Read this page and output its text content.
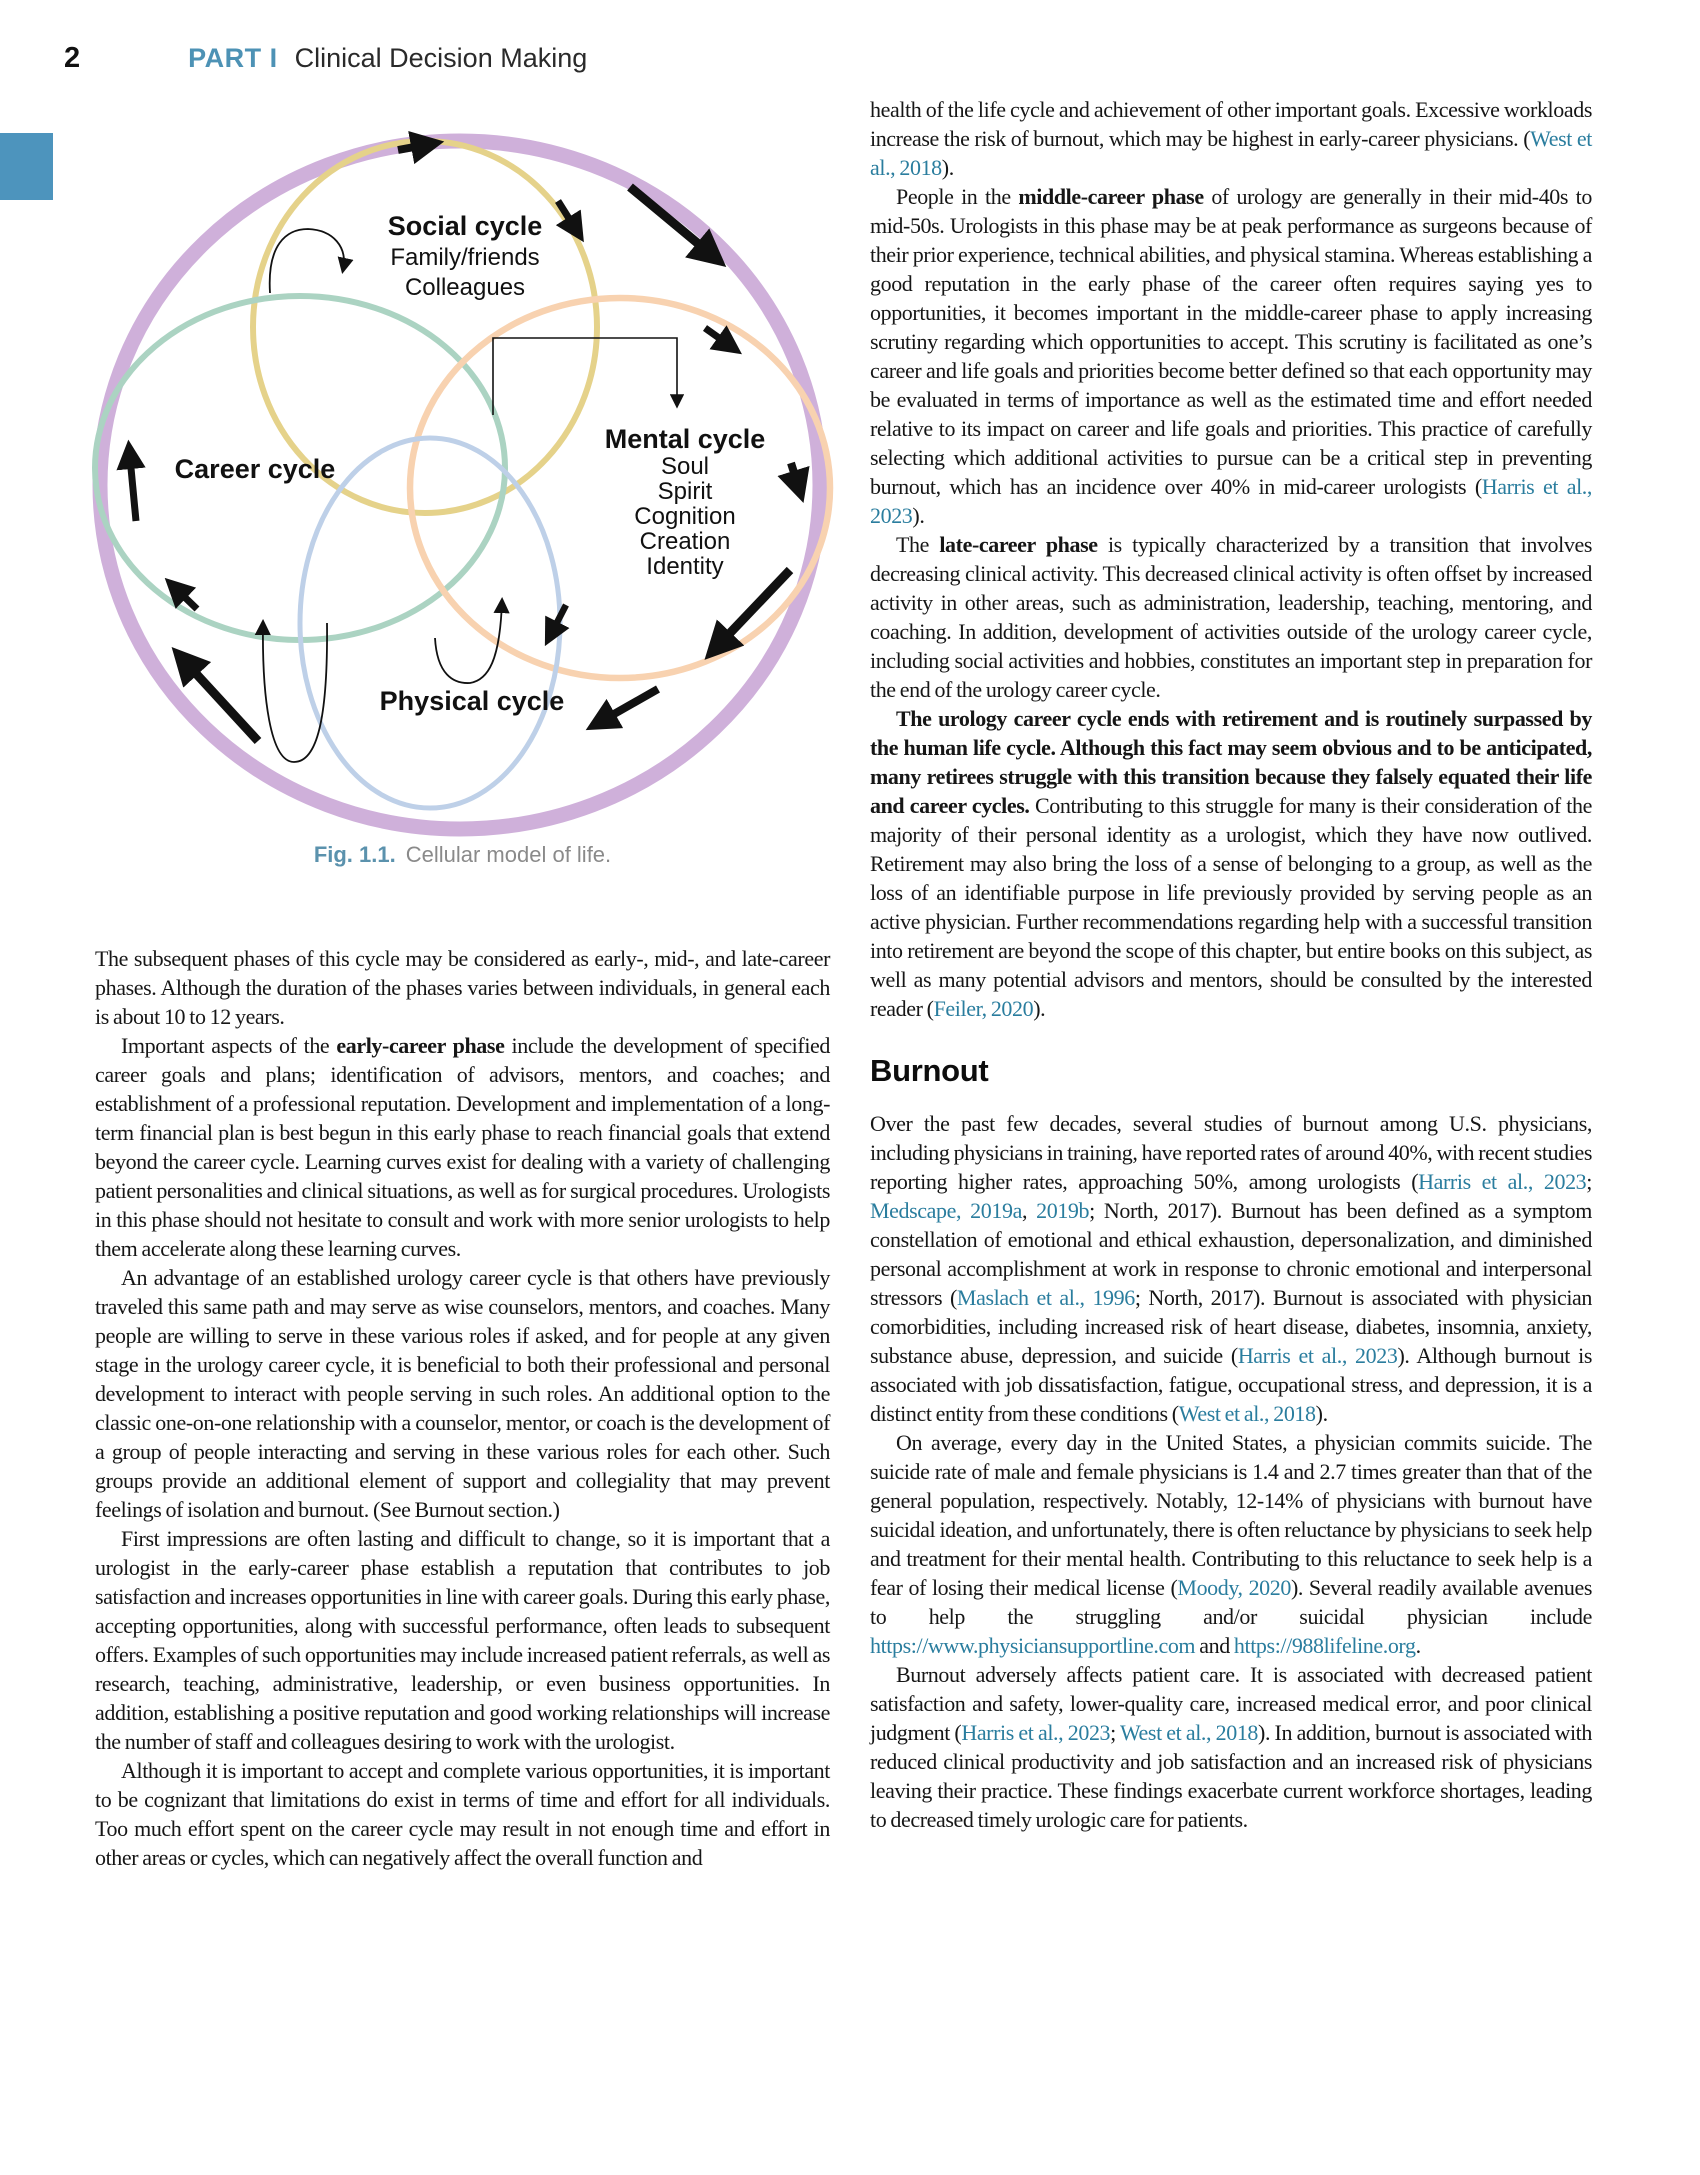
2	PART I Clinical Decision Making
Social cycle
Family/friends
Colleagues
Career cycle
Mental cycle
Soul
Spirit
Cognition
Creation
Identity
Physical cycle
Fig. 1.1. Cellular model of life.

The subsequent phases of this cycle may be considered as early-, mid-, and late-career phases. Although the duration of the phases varies between individuals, in general each is about 10 to 12 years.

Important aspects of the early-career phase include the development of specified career goals and plans; identification of advisors, mentors, and coaches; and establishment of a professional reputation. Development and implementation of a long-term financial plan is best begun in this early phase to reach financial goals that extend beyond the career cycle. Learning curves exist for dealing with a variety of challenging patient personalities and clinical situations, as well as for surgical procedures. Urologists in this phase should not hesitate to consult and work with more senior urologists to help them accelerate along these learning curves.

An advantage of an established urology career cycle is that others have previously traveled this same path and may serve as wise counselors, mentors, and coaches. Many people are willing to serve in these various roles if asked, and for people at any given stage in the urology career cycle, it is beneficial to both their professional and personal development to interact with people serving in such roles. An additional option to the classic one-on-one relationship with a counselor, mentor, or coach is the development of a group of people interacting and serving in these various roles for each other. Such groups provide an additional element of support and collegiality that may prevent feelings of isolation and burnout. (See Burnout section.)

First impressions are often lasting and difficult to change, so it is important that a urologist in the early-career phase establish a reputation that contributes to job satisfaction and increases opportunities in line with career goals. During this early phase, accepting opportunities, along with successful performance, often leads to subsequent offers. Examples of such opportunities may include increased patient referrals, as well as research, teaching, administrative, leadership, or even business opportunities. In addition, establishing a positive reputation and good working relationships will increase the number of staff and colleagues desiring to work with the urologist.

Although it is important to accept and complete various opportunities, it is important to be cognizant that limitations do exist in terms of time and effort for all individuals. Too much effort spent on the career cycle may result in not enough time and effort in other areas or cycles, which can negatively affect the overall function and

health of the life cycle and achievement of other important goals. Excessive workloads increase the risk of burnout, which may be highest in early-career physicians. (West et al., 2018).

People in the middle-career phase of urology are generally in their mid-40s to mid-50s. Urologists in this phase may be at peak performance as surgeons because of their prior experience, technical abilities, and physical stamina. Whereas establishing a good reputation in the early phase of the career often requires saying yes to opportunities, it becomes important in the middle-career phase to apply increasing scrutiny regarding which opportunities to accept. This scrutiny is facilitated as one’s career and life goals and priorities become better defined so that each opportunity may be evaluated in terms of importance as well as the estimated time and effort needed relative to its impact on career and life goals and priorities. This practice of carefully selecting which additional activities to pursue can be a critical step in preventing burnout, which has an incidence over 40% in mid-career urologists (Harris et al., 2023).

The late-career phase is typically characterized by a transition that involves decreasing clinical activity. This decreased clinical activity is often offset by increased activity in other areas, such as administration, leadership, teaching, mentoring, and coaching. In addition, development of activities outside of the urology career cycle, including social activities and hobbies, constitutes an important step in preparation for the end of the urology career cycle.

The urology career cycle ends with retirement and is routinely surpassed by the human life cycle. Although this fact may seem obvious and to be anticipated, many retirees struggle with this transition because they falsely equated their life and career cycles. Contributing to this struggle for many is their consideration of the majority of their personal identity as a urologist, which they have now outlived. Retirement may also bring the loss of a sense of belonging to a group, as well as the loss of an identifiable purpose in life previously provided by serving people as an active physician. Further recommendations regarding help with a successful transition into retirement are beyond the scope of this chapter, but entire books on this subject, as well as many potential advisors and mentors, should be consulted by the interested reader (Feiler, 2020).

Burnout

Over the past few decades, several studies of burnout among U.S. physicians, including physicians in training, have reported rates of around 40%, with recent studies reporting higher rates, approaching 50%, among urologists (Harris et al., 2023; Medscape, 2019a, 2019b; North, 2017). Burnout has been defined as a symptom constellation of emotional and ethical exhaustion, depersonalization, and diminished personal accomplishment at work in response to chronic emotional and interpersonal stressors (Maslach et al., 1996; North, 2017). Burnout is associated with physician comorbidities, including increased risk of heart disease, diabetes, insomnia, anxiety, substance abuse, depression, and suicide (Harris et al., 2023). Although burnout is associated with job dissatisfaction, fatigue, occupational stress, and depression, it is a distinct entity from these conditions (West et al., 2018).

On average, every day in the United States, a physician commits suicide. The suicide rate of male and female physicians is 1.4 and 2.7 times greater than that of the general population, respectively. Notably, 12-14% of physicians with burnout have suicidal ideation, and unfortunately, there is often reluctance by physicians to seek help and treatment for their mental health. Contributing to this reluctance to seek help is a fear of losing their medical license (Moody, 2020). Several readily available avenues to help the struggling and/or suicidal physician include https://www.physiciansupportline.com and https://988lifeline.org.

Burnout adversely affects patient care. It is associated with decreased patient satisfaction and safety, lower-quality care, increased medical error, and poor clinical judgment (Harris et al., 2023; West et al., 2018). In addition, burnout is associated with reduced clinical productivity and job satisfaction and an increased risk of physicians leaving their practice. These findings exacerbate current workforce shortages, leading to decreased timely urologic care for patients.
